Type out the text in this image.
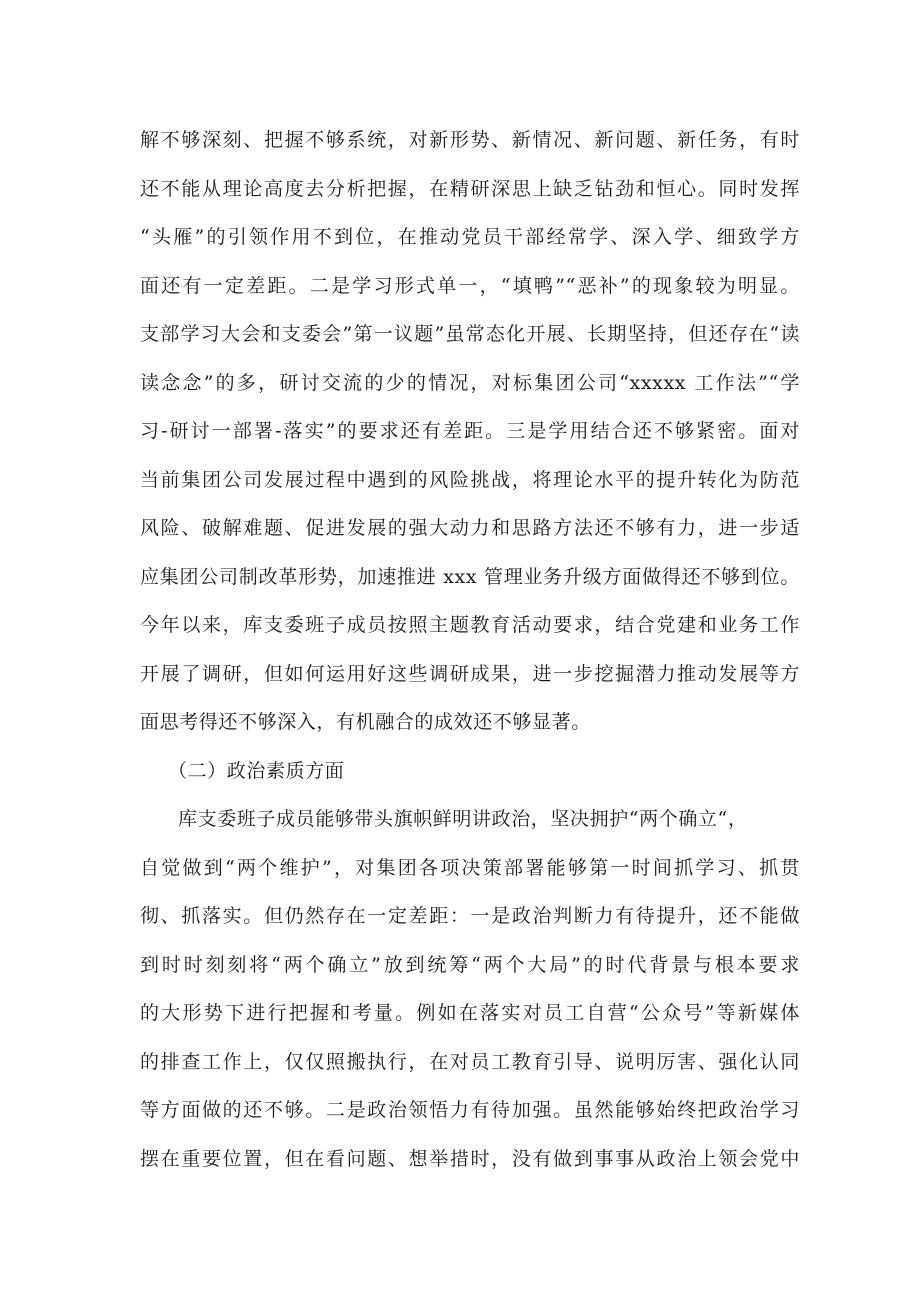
解不够深刻、把握不够系统，对新形势、新情况、新问题、新任务，有时
还不能从理论高度去分析把握，在精研深思上缺乏钻劲和恒心。同时发挥
“头雁”的引领作用不到位，在推动党员干部经常学、深入学、细致学方
面还有一定差距。二是学习形式单一，“填鸭”“恶补”的现象较为明显。
支部学习大会和支委会”第一议题”虽常态化开展、长期坚持，但还存在“读
读念念”的多，研讨交流的少的情况，对标集团公司“xxxxx 工作法”“学
习-研讨一部署-落实”的要求还有差距。三是学用结合还不够紧密。面对
当前集团公司发展过程中遇到的风险挑战，将理论水平的提升转化为防范
风险、破解难题、促进发展的强大动力和思路方法还不够有力，进一步适
应集团公司制改革形势，加速推进 xxx 管理业务升级方面做得还不够到位。
今年以来，库支委班子成员按照主题教育活动要求，结合党建和业务工作
开展了调研，但如何运用好这些调研成果，进一步挖掘潜力推动发展等方
面思考得还不够深入，有机融合的成效还不够显著。
（二）政治素质方面
库支委班子成员能够带头旗帜鲜明讲政治，坚决拥护“两个确立“，
自觉做到“两个维护”，对集团各项决策部署能够第一时间抓学习、抓贯
彻、抓落实。但仍然存在一定差距：一是政治判断力有待提升，还不能做
到时时刻刻将“两个确立”放到统筹“两个大局”的时代背景与根本要求
的大形势下进行把握和考量。例如在落实对员工自营“公众号”等新媒体
的排查工作上，仅仅照搬执行，在对员工教育引导、说明厉害、强化认同
等方面做的还不够。二是政治领悟力有待加强。虽然能够始终把政治学习
摆在重要位置，但在看问题、想举措时，没有做到事事从政治上领会党中
